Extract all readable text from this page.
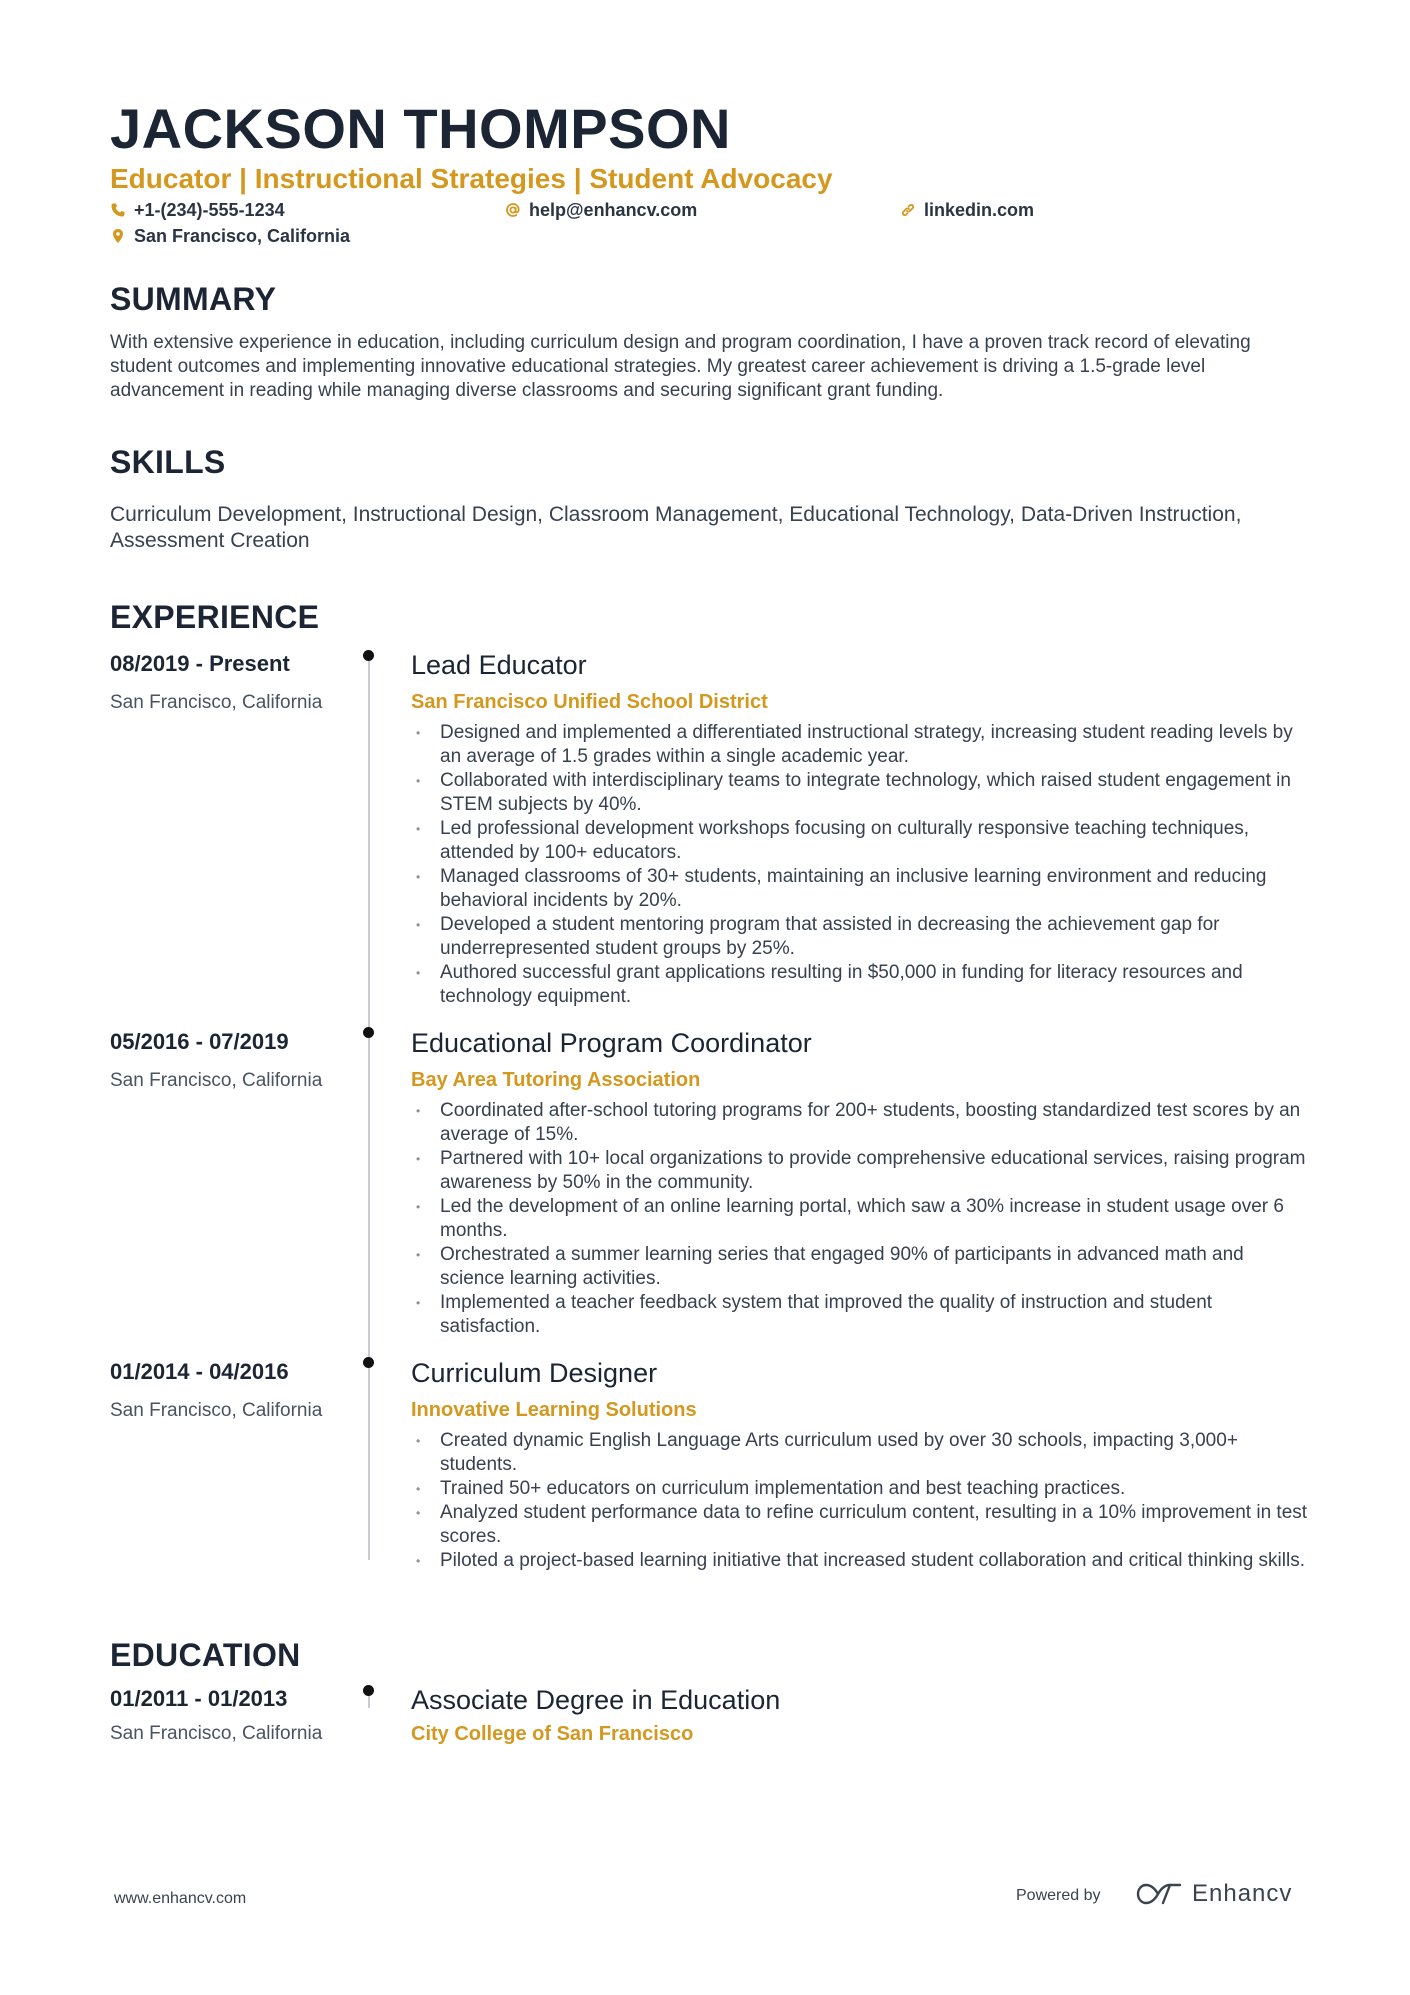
JACKSON THOMPSON
Educator | Instructional Strategies | Student Advocacy
+1-(234)-555-1234	help@enhancv.com	linkedin.com
San Francisco, California
SUMMARY
With extensive experience in education, including curriculum design and program coordination, I have a proven track record of elevating student outcomes and implementing innovative educational strategies. My greatest career achievement is driving a 1.5-grade level advancement in reading while managing diverse classrooms and securing significant grant funding.
SKILLS
Curriculum Development, Instructional Design, Classroom Management, Educational Technology, Data-Driven Instruction, Assessment Creation
EXPERIENCE
08/2019 - Present
San Francisco, California
Lead Educator
San Francisco Unified School District
• Designed and implemented a differentiated instructional strategy, increasing student reading levels by an average of 1.5 grades within a single academic year.
• Collaborated with interdisciplinary teams to integrate technology, which raised student engagement in STEM subjects by 40%.
• Led professional development workshops focusing on culturally responsive teaching techniques, attended by 100+ educators.
• Managed classrooms of 30+ students, maintaining an inclusive learning environment and reducing behavioral incidents by 20%.
• Developed a student mentoring program that assisted in decreasing the achievement gap for underrepresented student groups by 25%.
• Authored successful grant applications resulting in $50,000 in funding for literacy resources and technology equipment.
05/2016 - 07/2019
San Francisco, California
Educational Program Coordinator
Bay Area Tutoring Association
• Coordinated after-school tutoring programs for 200+ students, boosting standardized test scores by an average of 15%.
• Partnered with 10+ local organizations to provide comprehensive educational services, raising program awareness by 50% in the community.
• Led the development of an online learning portal, which saw a 30% increase in student usage over 6 months.
• Orchestrated a summer learning series that engaged 90% of participants in advanced math and science learning activities.
• Implemented a teacher feedback system that improved the quality of instruction and student satisfaction.
01/2014 - 04/2016
San Francisco, California
Curriculum Designer
Innovative Learning Solutions
• Created dynamic English Language Arts curriculum used by over 30 schools, impacting 3,000+ students.
• Trained 50+ educators on curriculum implementation and best teaching practices.
• Analyzed student performance data to refine curriculum content, resulting in a 10% improvement in test scores.
• Piloted a project-based learning initiative that increased student collaboration and critical thinking skills.
EDUCATION
01/2011 - 01/2013
San Francisco, California
Associate Degree in Education
City College of San Francisco
www.enhancv.com	Powered by	Enhancv
